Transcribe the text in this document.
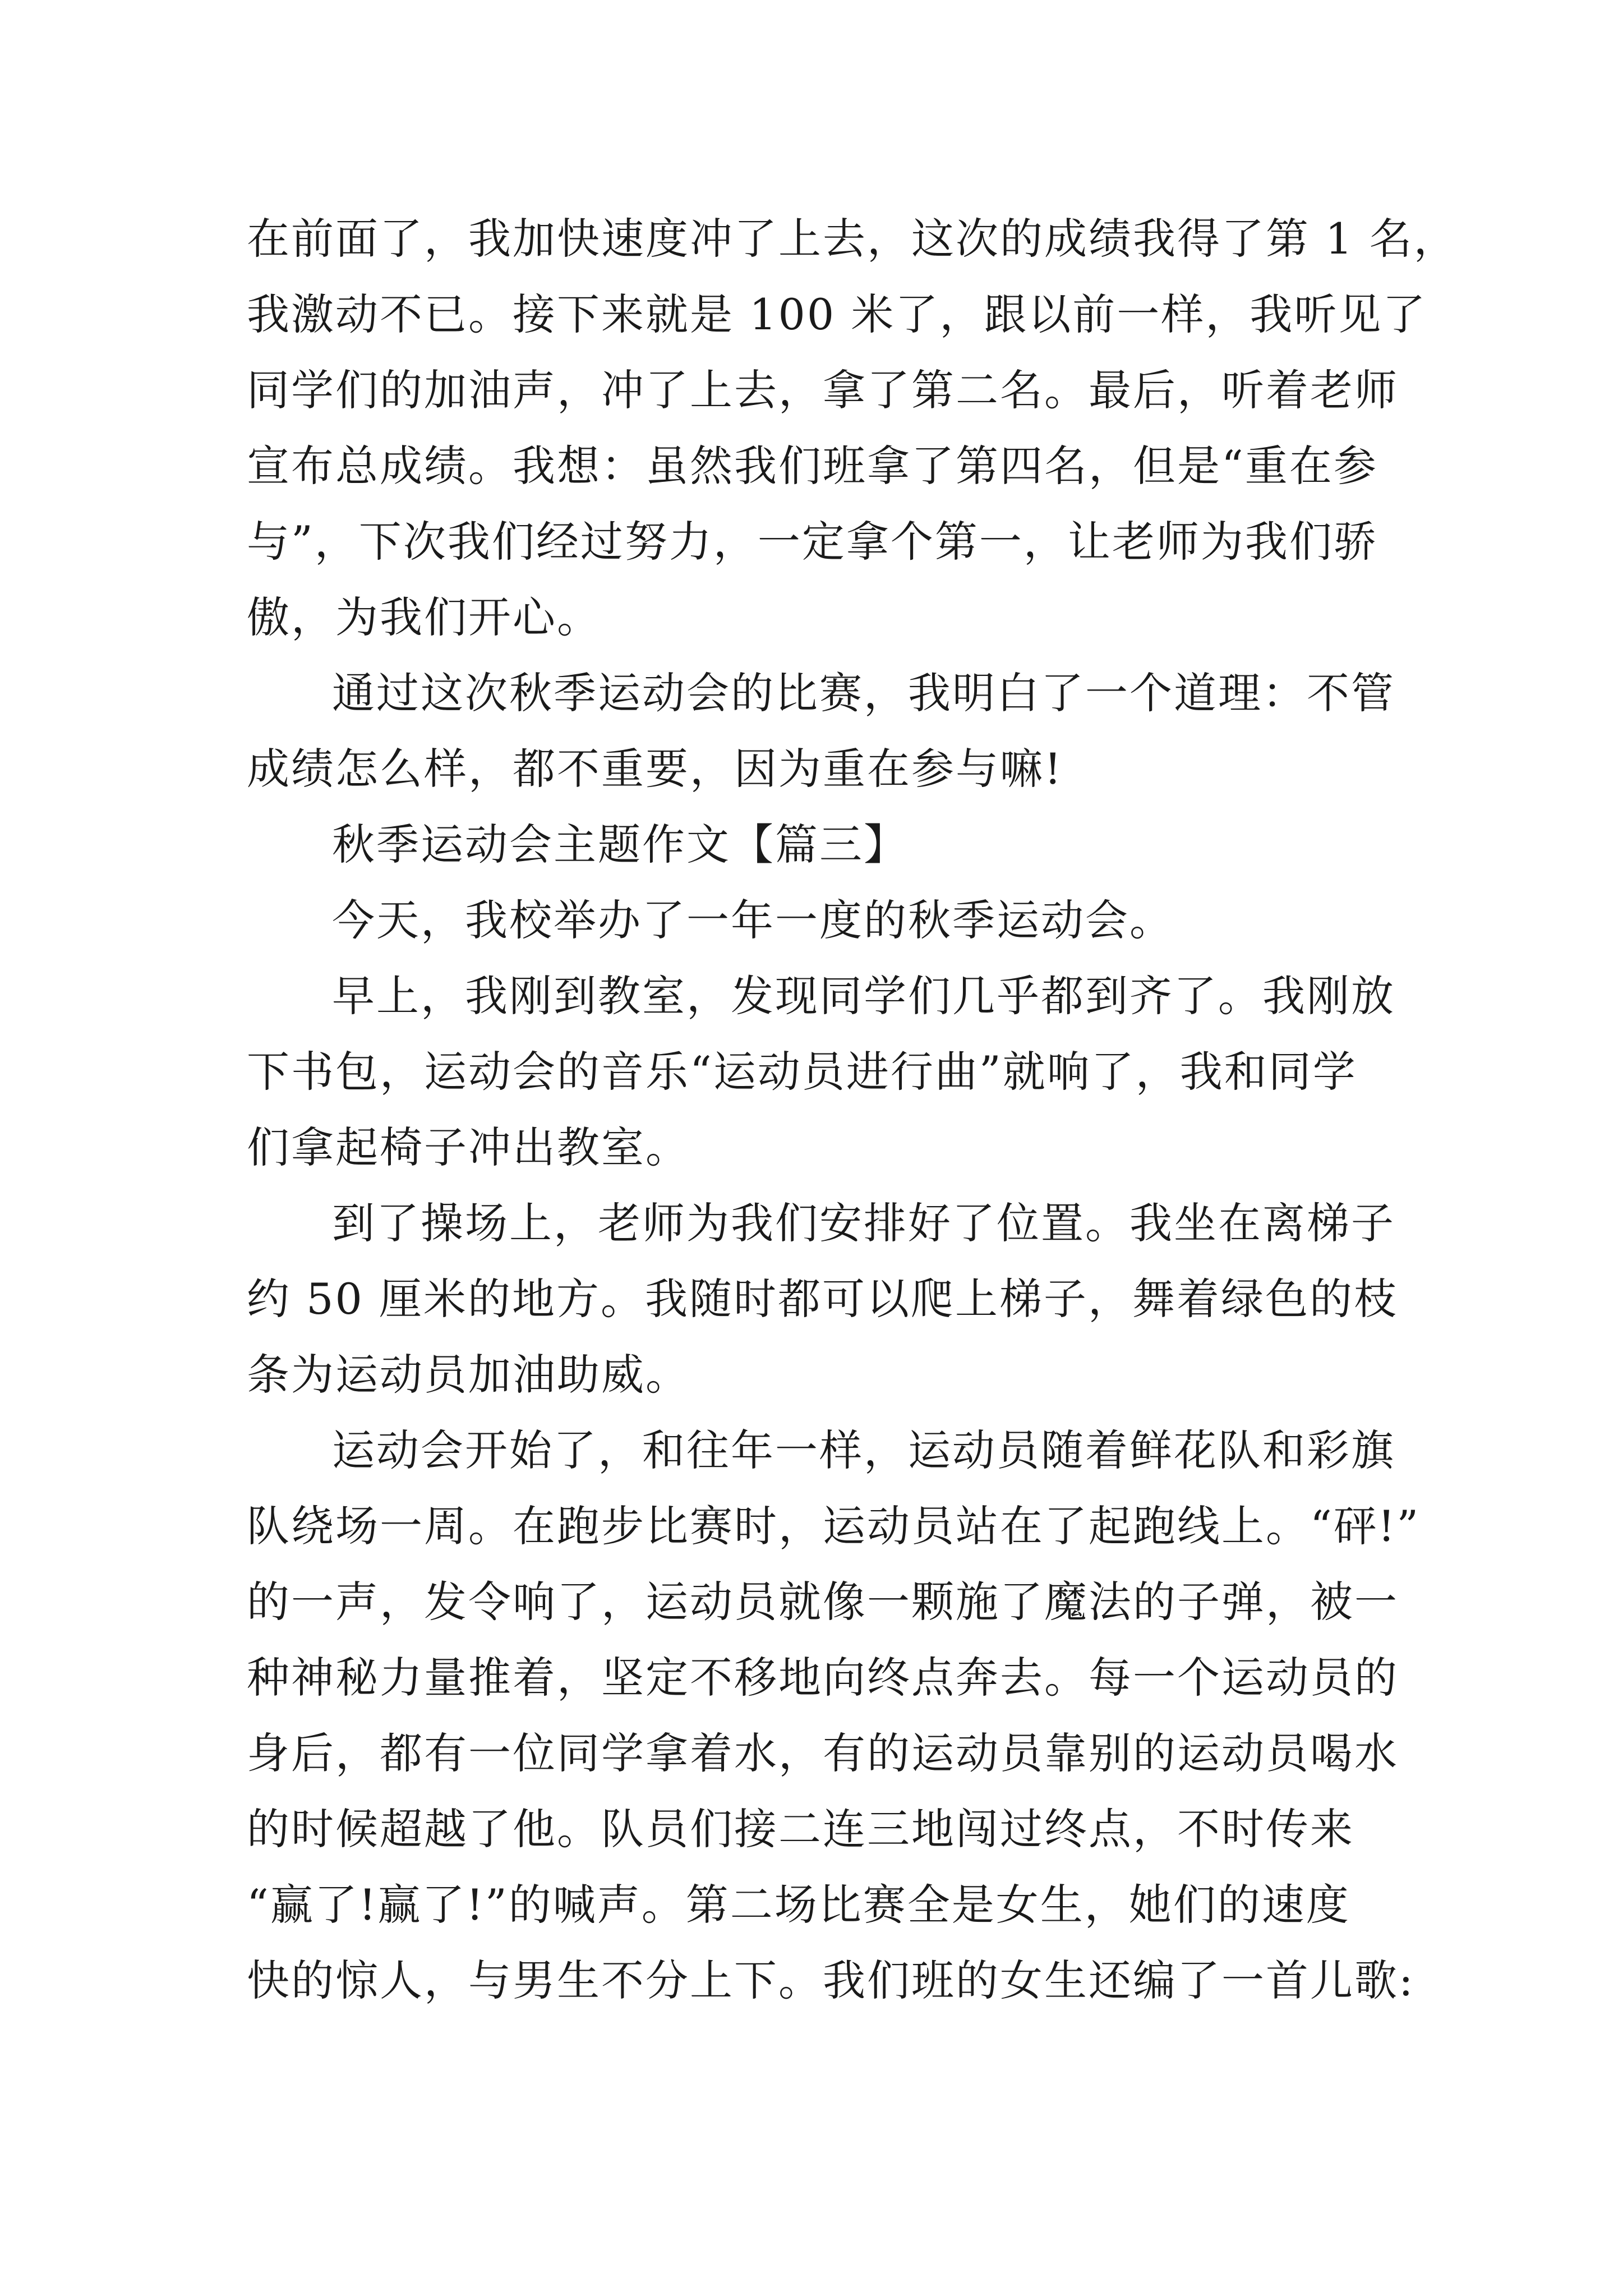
在前面了，我加快速度冲了上去，这次的成绩我得了第 1 名，
我激动不已。接下来就是 100 米了，跟以前一样，我听见了
同学们的加油声，冲了上去，拿了第二名。最后，听着老师
宣布总成绩。我想：虽然我们班拿了第四名，但是“重在参
与”，下次我们经过努力，一定拿个第一，让老师为我们骄
傲，为我们开心。
通过这次秋季运动会的比赛，我明白了一个道理：不管
成绩怎么样，都不重要，因为重在参与嘛!
秋季运动会主题作文【篇三】
今天，我校举办了一年一度的秋季运动会。
早上，我刚到教室，发现同学们几乎都到齐了。我刚放
下书包，运动会的音乐“运动员进行曲”就响了，我和同学
们拿起椅子冲出教室。
到了操场上，老师为我们安排好了位置。我坐在离梯子
约 50 厘米的地方。我随时都可以爬上梯子，舞着绿色的枝
条为运动员加油助威。
运动会开始了，和往年一样，运动员随着鲜花队和彩旗
队绕场一周。在跑步比赛时，运动员站在了起跑线上。“砰!”
的一声，发令响了，运动员就像一颗施了魔法的子弹，被一
种神秘力量推着，坚定不移地向终点奔去。每一个运动员的
身后，都有一位同学拿着水，有的运动员靠别的运动员喝水
的时候超越了他。队员们接二连三地闯过终点，不时传来
“赢了!赢了!”的喊声。第二场比赛全是女生，她们的速度
快的惊人，与男生不分上下。我们班的女生还编了一首儿歌:
